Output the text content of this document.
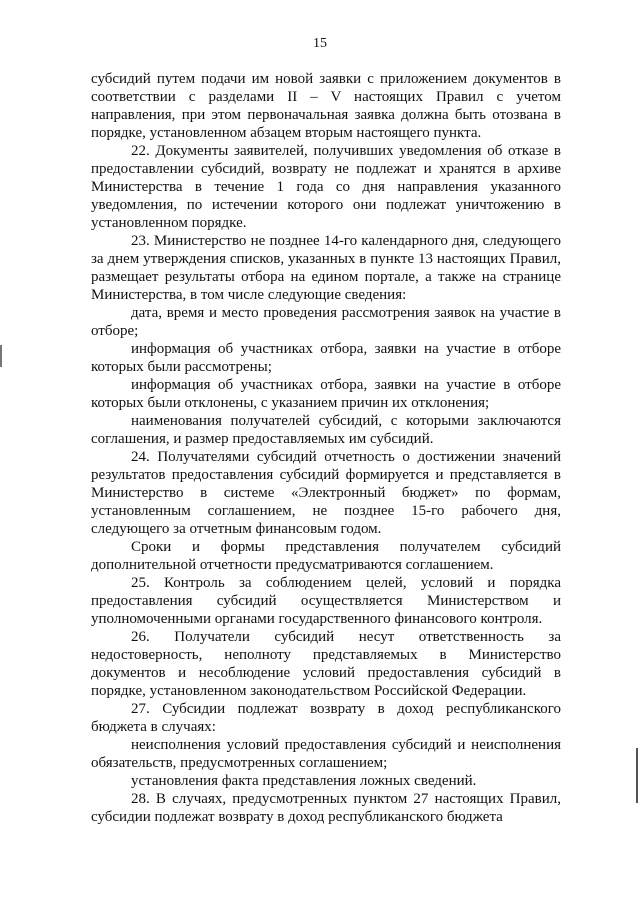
15

субсидий путем подачи им новой заявки с приложением документов в соответствии с разделами II – V настоящих Правил с учетом направления, при этом первоначальная заявка должна быть отозвана в порядке, установленном абзацем вторым настоящего пункта.

22. Документы заявителей, получивших уведомления об отказе в предоставлении субсидий, возврату не подлежат и хранятся в архиве Министерства в течение 1 года со дня направления указанного уведомления, по истечении которого они подлежат уничтожению в установленном порядке.

23. Министерство не позднее 14-го календарного дня, следующего за днем утверждения списков, указанных в пункте 13 настоящих Правил, размещает результаты отбора на едином портале, а также на странице Министерства, в том числе следующие сведения:

дата, время и место проведения рассмотрения заявок на участие в отборе;

информация об участниках отбора, заявки на участие в отборе которых были рассмотрены;

информация об участниках отбора, заявки на участие в отборе которых были отклонены, с указанием причин их отклонения;

наименования получателей субсидий, с которыми заключаются соглашения, и размер предоставляемых им субсидий.

24. Получателями субсидий отчетность о достижении значений результатов предоставления субсидий формируется и представляется в Министерство в системе «Электронный бюджет» по формам, установленным соглашением, не позднее 15-го рабочего дня, следующего за отчетным финансовым годом.

Сроки и формы представления получателем субсидий дополнительной отчетности предусматриваются соглашением.

25. Контроль за соблюдением целей, условий и порядка предоставления субсидий осуществляется Министерством и уполномоченными органами государственного финансового контроля.

26. Получатели субсидий несут ответственность за недостоверность, неполноту представляемых в Министерство документов и несоблюдение условий предоставления субсидий в порядке, установленном законодательством Российской Федерации.

27. Субсидии подлежат возврату в доход республиканского бюджета в случаях:

неисполнения условий предоставления субсидий и неисполнения обязательств, предусмотренных соглашением;

установления факта представления ложных сведений.

28. В случаях, предусмотренных пунктом 27 настоящих Правил, субсидии подлежат возврату в доход республиканского бюджета
